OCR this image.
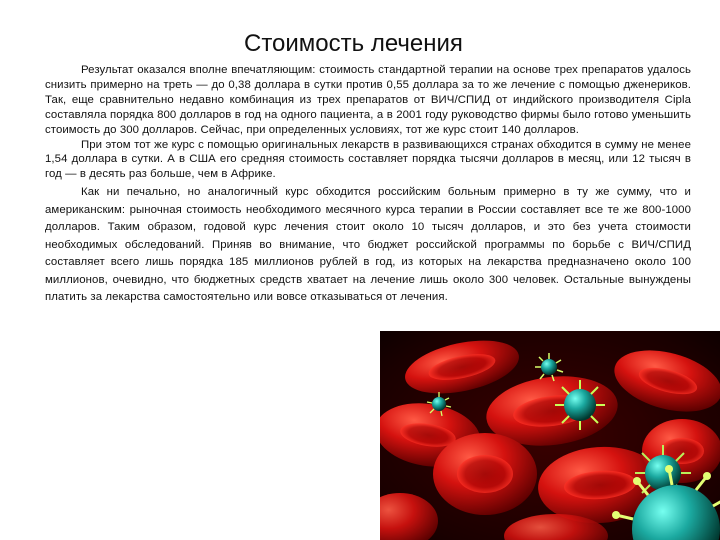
Стоимость лечения

Результат оказался вполне впечатляющим: стоимость стандартной терапии на основе трех препаратов удалось снизить примерно на треть — до 0,38 доллара в сутки против 0,55 доллара за то же лечение с помощью дженериков. Так, еще сравнительно недавно комбинация из трех препаратов от ВИЧ/СПИД от индийского производителя Cipla составляла порядка 800 долларов в год на одного пациента, а в 2001 году руководство фирмы было готово уменьшить стоимость до 300 долларов. Сейчас, при определенных условиях, тот же курс стоит 140 долларов.

При этом тот же курс с помощью оригинальных лекарств в развивающихся странах обходится в сумму не менее 1,54 доллара в сутки. А в США его средняя стоимость составляет порядка тысячи долларов в месяц, или 12 тысяч в год — в десять раз больше, чем в Африке.

Как ни печально, но аналогичный курс обходится российским больным примерно в ту же сумму, что и американским: рыночная стоимость необходимого месячного курса терапии в России составляет все те же 800-1000 долларов. Таким образом, годовой курс лечения стоит около 10 тысяч долларов, и это без учета стоимости необходимых обследований. Приняв во внимание, что бюджет российской программы по борьбе с ВИЧ/СПИД составляет всего лишь порядка 185 миллионов рублей в год, из которых на лекарства предназначено около 100 миллионов, очевидно, что бюджетных средств хватает на лечение лишь около 300 человек. Остальные вынуждены платить за лекарства самостоятельно или вовсе отказываться от лечения.
